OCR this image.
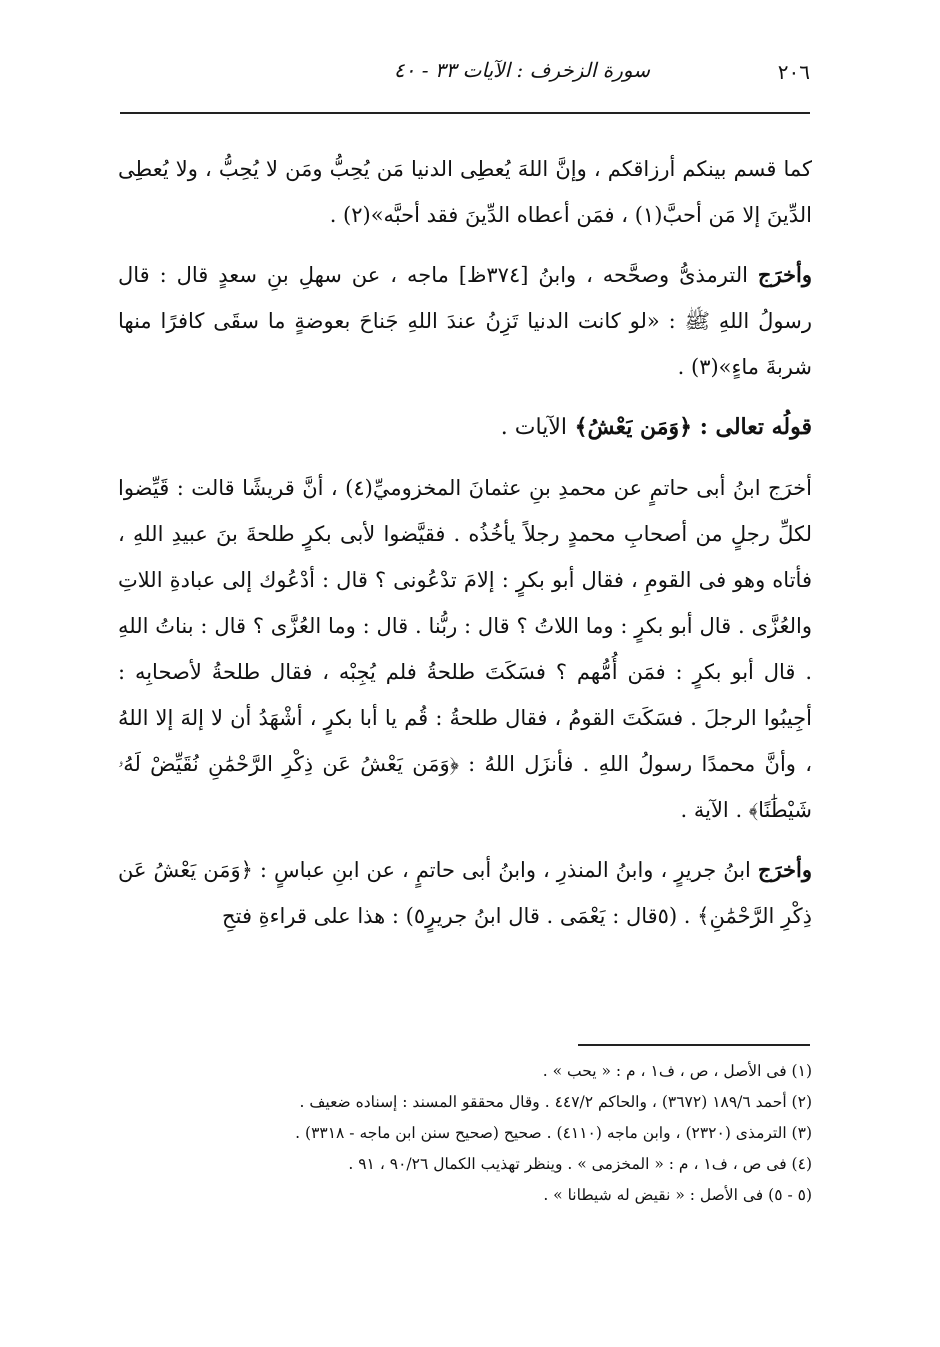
٢٠٦
سورة الزخرف : الآيات ٣٣ - ٤٠

كما قسم بينكم أرزاقكم ، وإنَّ اللهَ يُعطِى الدنيا مَن يُحِبُّ ومَن لا يُحِبُّ ، ولا يُعطِى الدِّينَ إلا مَن أحبَّ(١) ، فمَن أعطاه الدِّينَ فقد أحبَّه»(٢) .

وأخرَج الترمذىُّ وصحَّحه ، وابنُ [٣٧٤ظ] ماجه ، عن سهلِ بنِ سعدٍ قال : قال رسولُ اللهِ ﷺ : «لو كانت الدنيا تَزِنُ عندَ اللهِ جَناحَ بعوضةٍ ما سقَى كافرًا منها شربةَ ماءٍ»(٣) .

قولُه تعالى : ﴿وَمَن يَعْشُ﴾ الآيات .

أخرَج ابنُ أبى حاتمٍ عن محمدِ بنِ عثمانَ المخزوميِّ(٤) ، أنَّ قريشًا قالت : قَيِّضوا لكلِّ رجلٍ من أصحابِ محمدٍ رجلاً يأخُذُه . فقيَّضوا لأبى بكرٍ طلحةَ بنَ عبيدِ اللهِ ، فأتاه وهو فى القومِ ، فقال أبو بكرٍ : إلامَ تدْعُونى ؟ قال : أدْعُوك إلى عبادةِ اللاتِ والعُزَّى . قال أبو بكرٍ : وما اللاتُ ؟ قال : ربُّنا . قال : وما العُزَّى ؟ قال : بناتُ اللهِ . قال أبو بكرٍ : فمَن أُمُّهم ؟ فسَكَتَ طلحةُ فلم يُجِبْه ، فقال طلحةُ لأصحابِه : أجِيبُوا الرجلَ . فسَكَتَ القومُ ، فقال طلحةُ : قُم يا أبا بكرٍ ، أشْهَدُ أن لا إلهَ إلا اللهُ ، وأنَّ محمدًا رسولُ اللهِ . فأنزَل اللهُ : ﴿وَمَن يَعْشُ عَن ذِكْرِ الرَّحْمَٰنِ نُقَيِّضْ لَهُۥ شَيْطَٰنًا﴾ . الآية .

وأخرَج ابنُ جريرٍ ، وابنُ المنذرِ ، وابنُ أبى حاتمٍ ، عن ابنِ عباسٍ : ﴿وَمَن يَعْشُ عَن ذِكْرِ الرَّحْمَٰنِ﴾ . (٥قال : يَعْمَى . قال ابنُ جريرٍ٥) : هذا على قراءةِ فتحِ

(١) فى الأصل ، ص ، ف١ ، م : « يحب » .
(٢) أحمد ١٨٩/٦ (٣٦٧٢) ، والحاكم ٤٤٧/٢ . وقال محققو المسند : إسناده ضعيف .
(٣) الترمذى (٢٣٢٠) ، وابن ماجه (٤١١٠) . صحيح (صحيح سنن ابن ماجه - ٣٣١٨) .
(٤) فى ص ، ف١ ، م : « المخزمى » . وينظر تهذيب الكمال ٩٠/٢٦ ، ٩١ .
(٥ - ٥) فى الأصل : « نقيض له شيطانا » .
